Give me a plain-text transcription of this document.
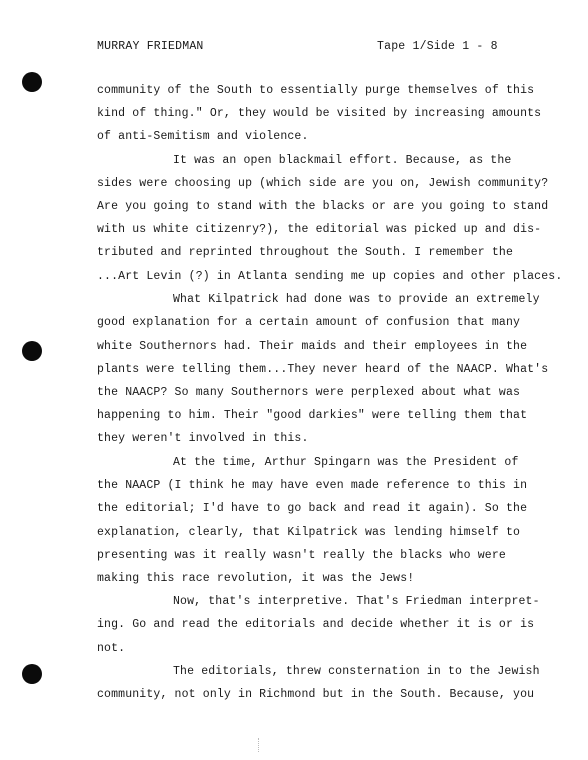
MURRAY FRIEDMAN	Tape 1/Side 1 - 8
community of the South to essentially purge themselves of this
kind of thing." Or, they would be visited by increasing amounts
of anti-Semitism and violence.
It was an open blackmail effort. Because, as the
sides were choosing up (which side are you on, Jewish community?
Are you going to stand with the blacks or are you going to stand
with us white citizenry?), the editorial was picked up and dis-
tributed and reprinted throughout the South. I remember the
...Art Levin (?) in Atlanta sending me up copies and other places.
What Kilpatrick had done was to provide an extremely
good explanation for a certain amount of confusion that many
white Southernors had. Their maids and their employees in the
plants were telling them...They never heard of the NAACP. What's
the NAACP? So many Southernors were perplexed about what was
happening to him. Their "good darkies" were telling them that
they weren't involved in this.
At the time, Arthur Spingarn was the President of
the NAACP (I think he may have even made reference to this in
the editorial; I'd have to go back and read it again). So the
explanation, clearly, that Kilpatrick was lending himself to
presenting was it really wasn't really the blacks who were
making this race revolution, it was the Jews!
Now, that's interpretive. That's Friedman interpret-
ing. Go and read the editorials and decide whether it is or is
not.
The editorials, threw consternation in to the Jewish
community, not only in Richmond but in the South. Because, you
